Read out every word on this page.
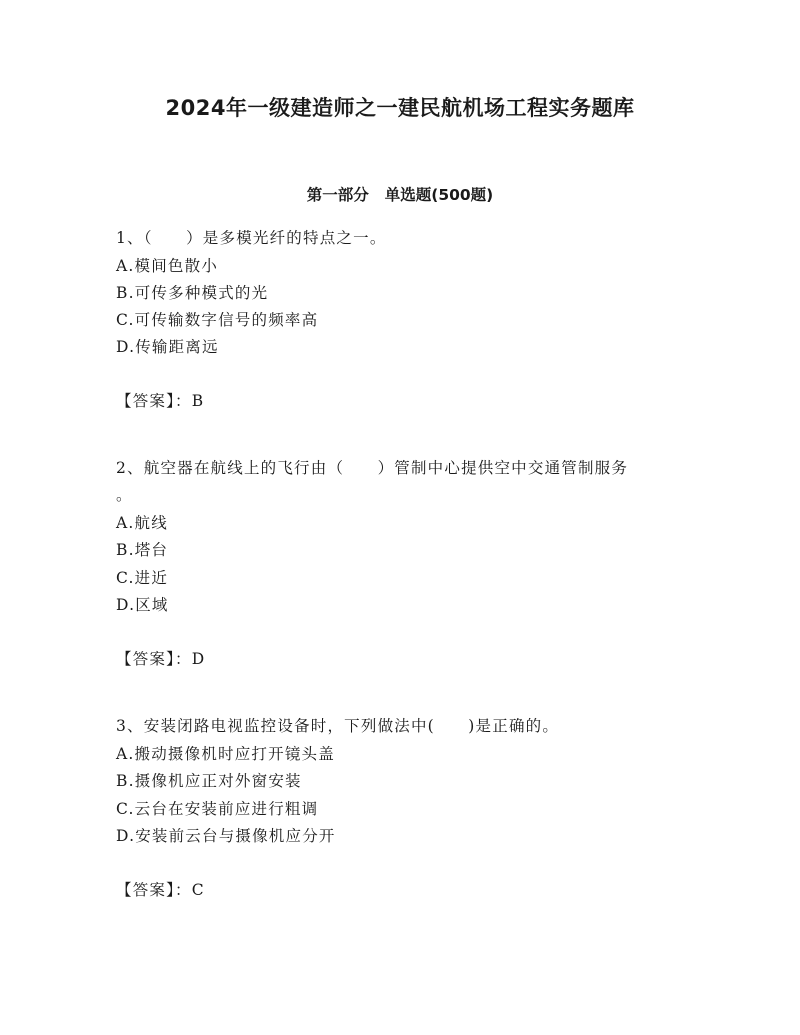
2024年一级建造师之一建民航机场工程实务题库
第一部分 单选题(500题)
1、（　　）是多模光纤的特点之一。
A.模间色散小
B.可传多种模式的光
C.可传输数字信号的频率高
D.传输距离远
【答案】：B
2、航空器在航线上的飞行由（　　）管制中心提供空中交通管制服务
。
A.航线
B.塔台
C.进近
D.区域
【答案】：D
3、安装闭路电视监控设备时，下列做法中(　　)是正确的。
A.搬动摄像机时应打开镜头盖
B.摄像机应正对外窗安装
C.云台在安装前应进行粗调
D.安装前云台与摄像机应分开
【答案】：C
